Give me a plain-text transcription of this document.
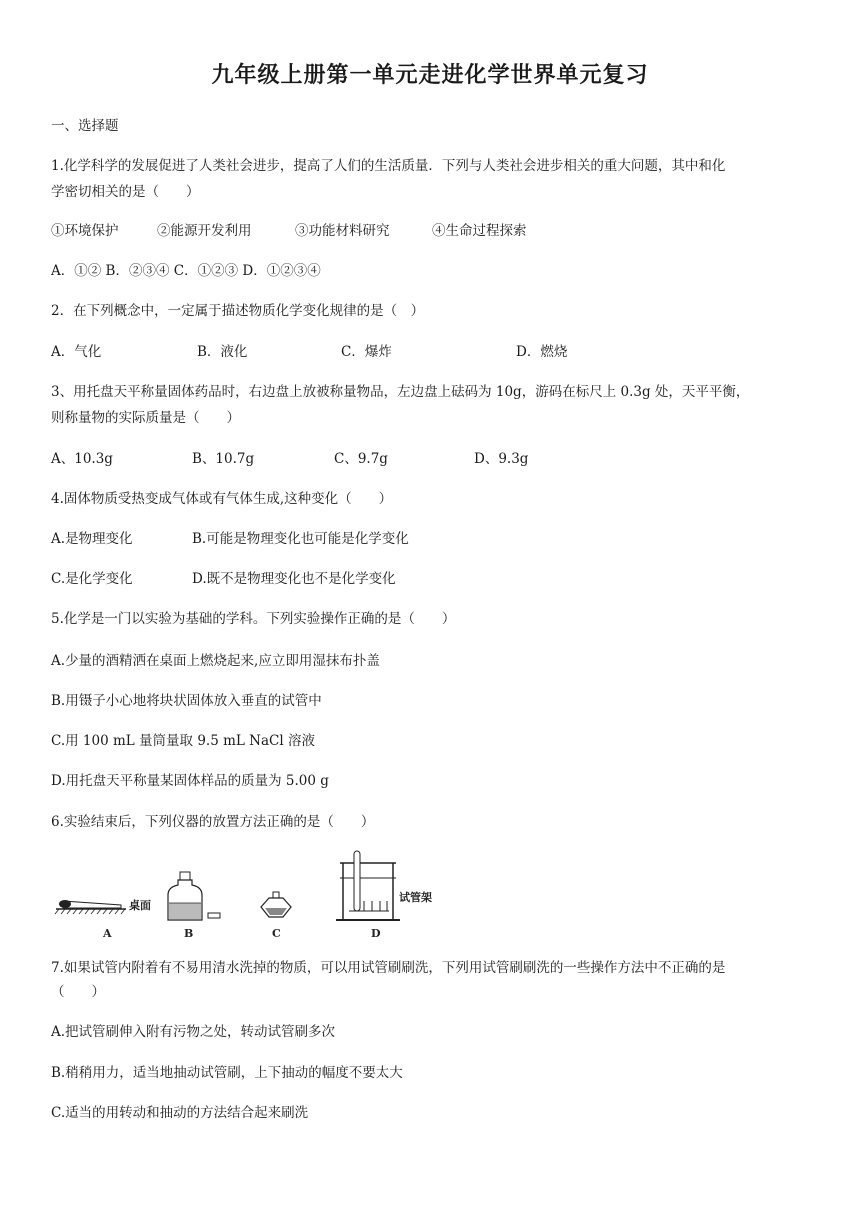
九年级上册第一单元走进化学世界单元复习
一、选择题
1.化学科学的发展促进了人类社会进步，提高了人们的生活质量．下列与人类社会进步相关的重大问题，其中和化
学密切相关的是（　　）
①环境保护	②能源开发利用	③功能材料研究	④生命过程探索
A．①② B．②③④ C．①②③ D．①②③④
2．在下列概念中，一定属于描述物质化学变化规律的是（　）
A．气化	B．液化	C．爆炸	D．燃烧
3、用托盘天平称量固体药品时，右边盘上放被称量物品，左边盘上砝码为 10g，游码在标尺上 0.3g 处，天平平衡，
则称量物的实际质量是（　　）
A、10.3g	B、10.7g	C、9.7g	D、9.3g
4.固体物质受热变成气体或有气体生成,这种变化（　　）
A.是物理变化	B.可能是物理变化也可能是化学变化
C.是化学变化	D.既不是物理变化也不是化学变化
5.化学是一门以实验为基础的学科。下列实验操作正确的是（　　）
A.少量的酒精洒在桌面上燃烧起来,应立即用湿抹布扑盖
B.用镊子小心地将块状固体放入垂直的试管中
C.用 100 mL 量筒量取 9.5 mL NaCl 溶液
D.用托盘天平称量某固体样品的质量为 5.00 g
6.实验结束后，下列仪器的放置方法正确的是（　　）
桌面
A	B	C
试管架
D
7.如果试管内附着有不易用清水洗掉的物质，可以用试管刷刷洗，下列用试管刷刷洗的一些操作方法中不正确的是
（　　）
A.把试管刷伸入附有污物之处，转动试管刷多次
B.稍稍用力，适当地抽动试管刷，上下抽动的幅度不要太大
C.适当的用转动和抽动的方法结合起来刷洗
